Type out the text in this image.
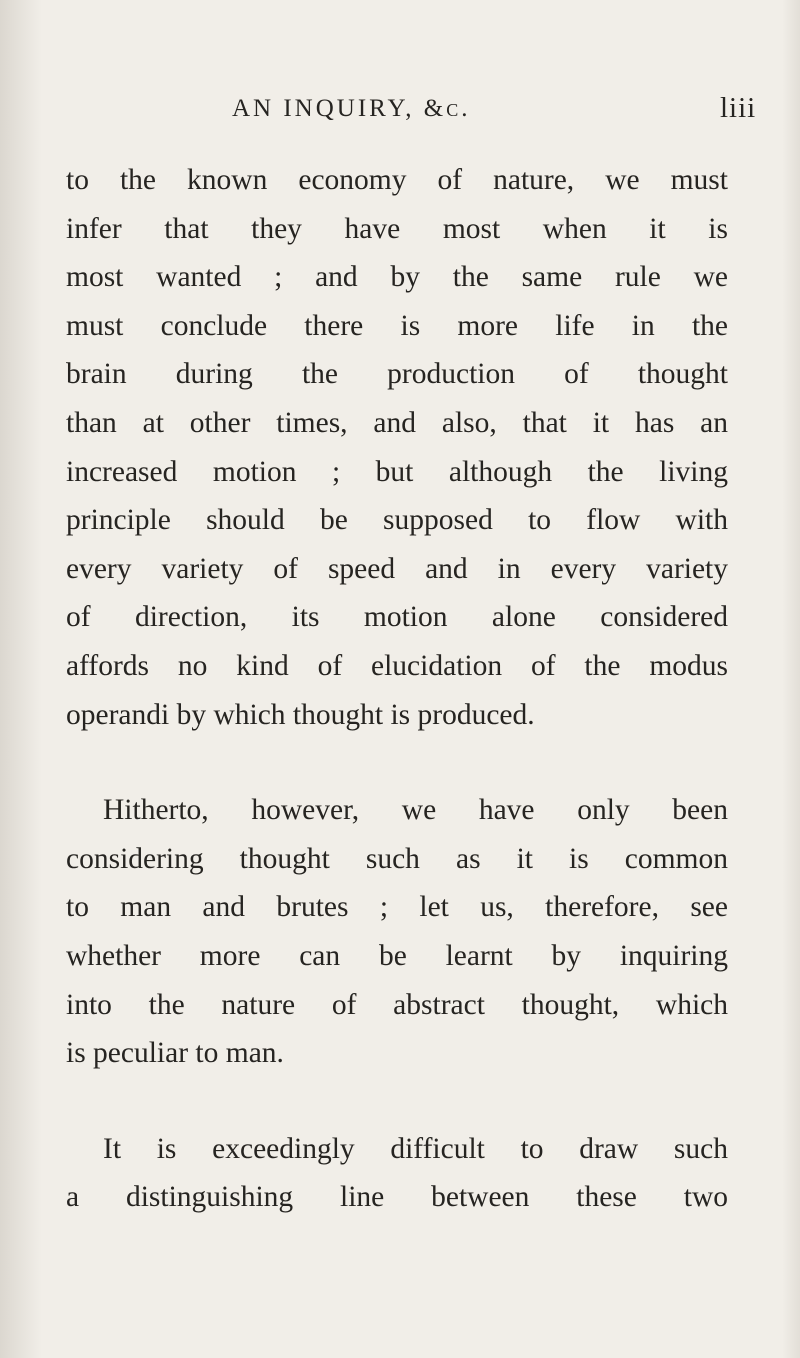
AN INQUIRY, &c.	liii

to the known economy of nature, we must
infer that they have most when it is
most wanted ; and by the same rule we
must conclude there is more life in the
brain during the production of thought
than at other times, and also, that it has an
increased motion ; but although the living
principle should be supposed to flow with
every variety of speed and in every variety
of direction, its motion alone considered
affords no kind of elucidation of the modus
operandi by which thought is produced.

Hitherto, however, we have only been
considering thought such as it is common
to man and brutes ; let us, therefore, see
whether more can be learnt by inquiring
into the nature of abstract thought, which
is peculiar to man.

It is exceedingly difficult to draw such
a distinguishing line between these two
